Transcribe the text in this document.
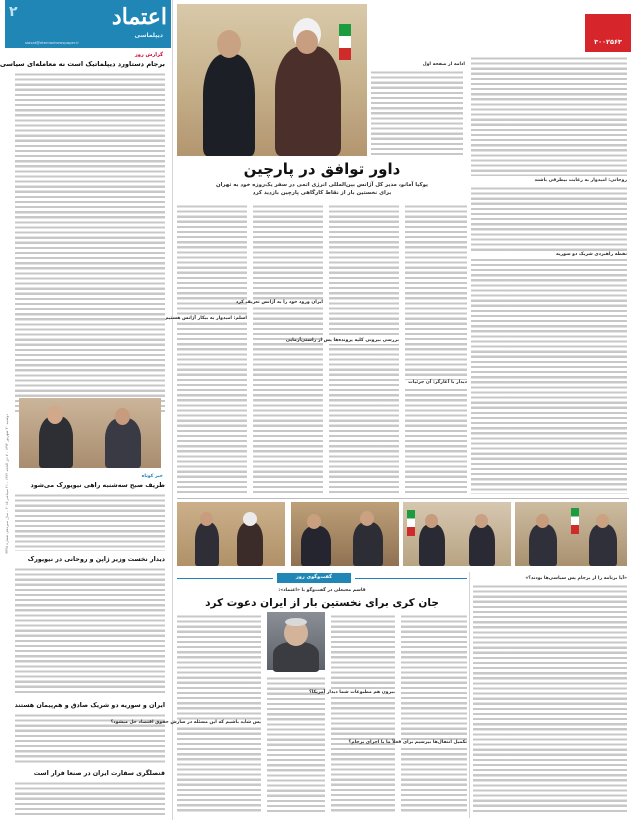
اعتماد
دیپلماسی
siasat@etemadnewspaper.ir
۲
دوشنبه ۳۰ شهریور ۱۳۹۴ - ۷ ذی الحجه ۱۴۳۶ - ۲۱ سپتامبر ۲۰۱۵ - سال سیزدهم، شماره ۳۳۴۸
گزارش روز
برجام دستاورد دیپلماتیک است نه معامله‌ای سیاسی
خبر کوتاه
ظریف صبح سه‌شنبه راهی نیویورک می‌شود
دیدار نخست وزیر ژاپن و روحانی در نیویورک
ایران و سوریه دو شریک صادق و هم‌پیمان هستند
قنصلگری سفارت ایران در صنعا فرار است
۳۰۰۲۵۶۳
ادامه از صفحه اول
داور توافق در پارچین
یوکیا آمانو، مدیر کل آژانس بین‌المللی انرژی اتمی در سفر یک‌روزه خود به تهران
برای نخستین بار از نقاط کارگاهی پارچین بازدید کرد
روحانی: امیدوار به رعایت بیطرفی باشند
ایران ورود خود را به آژانس تعریف کرد
بررسی بیرونی کلیه پرونده‌ها پس از راستی‌آزمایی
اسلم: امیدوار به بیکار آژانس هستیم
دیدار با آغازگر: آن جزئیات
نقطه راهبردی شریک دو سوریه
گفت‌وگوی روز
قاسم محبعلی در گفت‌وگو با «اعتماد»:
جان کری برای نخستین بار از ایران دعوت کرد
بیرون هم مطبوعات شما دیدار آمریکا؟
تکمیل انتقال‌ها بپرسیم برای فعلاً ما با اجرای برجام؟
پس شاید باشیم که این مسئله در سازش حقوق اقتصاد حل میشود؟
«آیا برنامه را از برجام پس سیاسی‌ها بودند؟»
